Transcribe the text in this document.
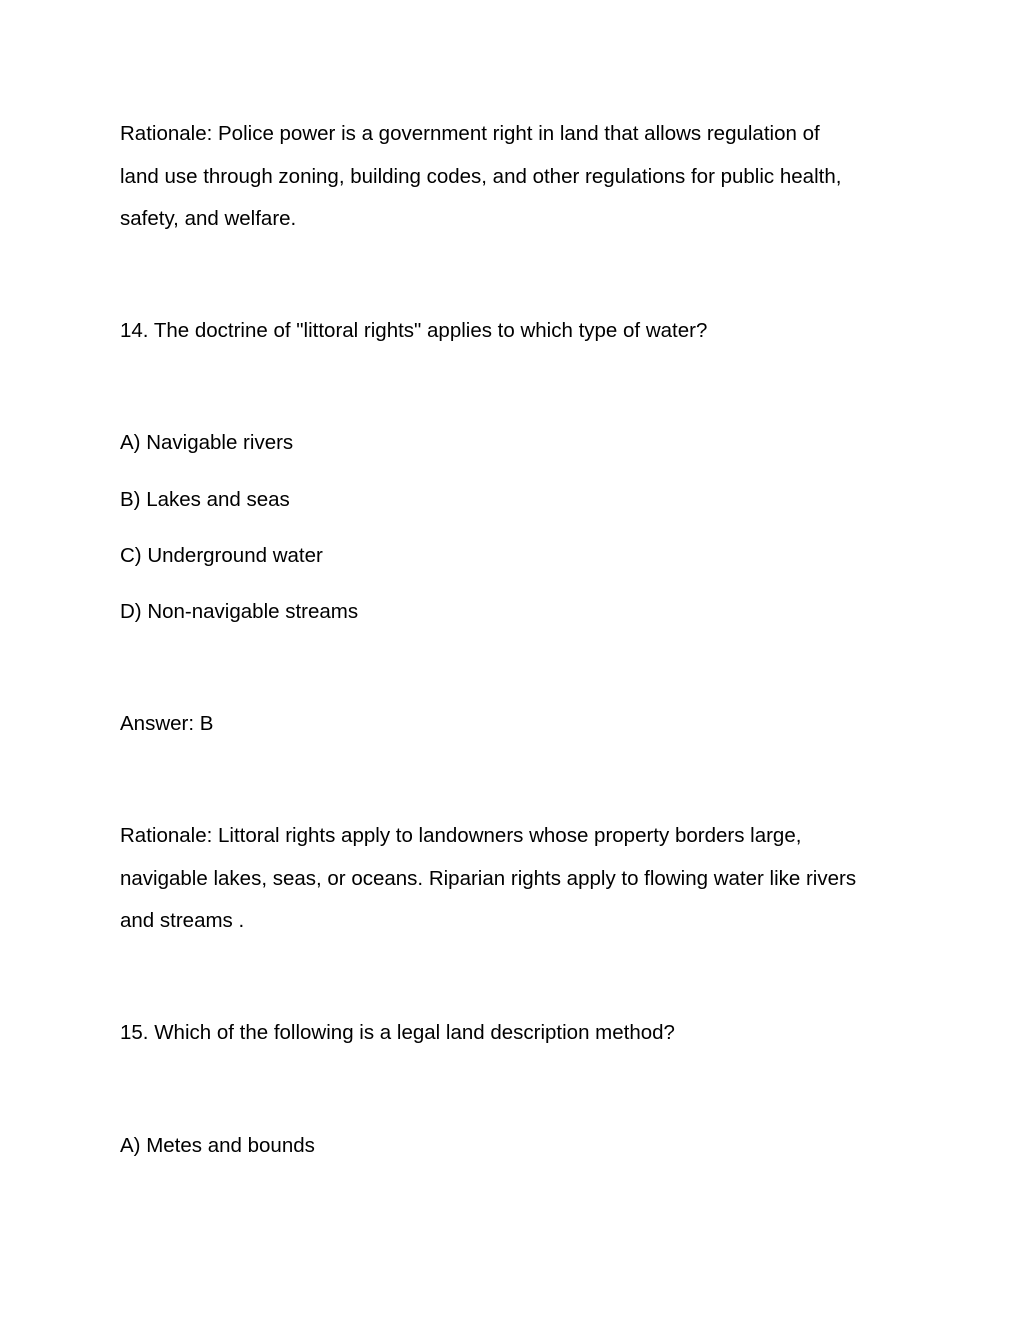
Rationale: Police power is a government right in land that allows regulation of
land use through zoning, building codes, and other regulations for public health,
safety, and welfare.
14. The doctrine of "littoral rights" applies to which type of water?
A) Navigable rivers
B) Lakes and seas
C) Underground water
D) Non-navigable streams
Answer: B
Rationale: Littoral rights apply to landowners whose property borders large,
navigable lakes, seas, or oceans. Riparian rights apply to flowing water like rivers
and streams .
15. Which of the following is a legal land description method?
A) Metes and bounds
